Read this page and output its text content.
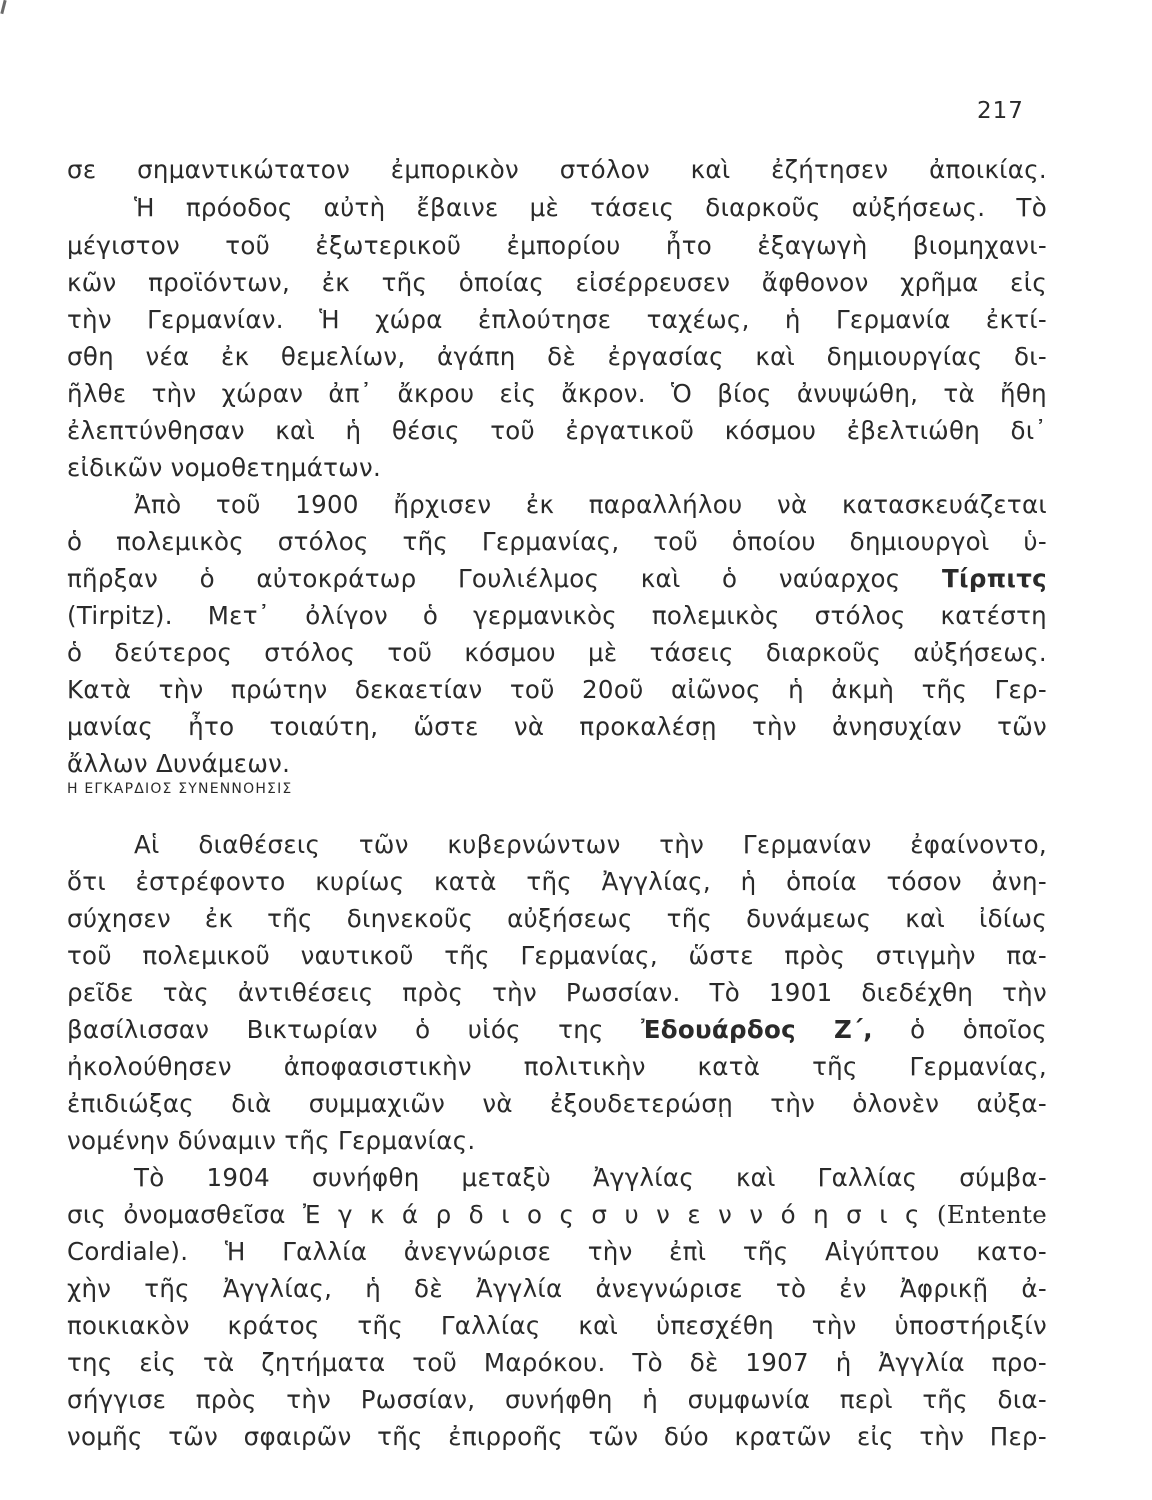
217
σε σημαντικώτατον ἐμπορικὸν στόλον καὶ ἐζήτησεν ἀποικίας.
Ἡ πρόοδος αὐτὴ ἔβαινε μὲ τάσεις διαρκοῦς αὐξήσεως. Τὸ
μέγιστον τοῦ ἐξωτερικοῦ ἐμπορίου ἦτο ἐξαγωγὴ βιομηχανι-
κῶν προϊόντων, ἐκ τῆς ὁποίας εἰσέρρευσεν ἄφθονον χρῆμα εἰς
τὴν Γερμανίαν. Ἡ χώρα ἐπλούτησε ταχέως, ἡ Γερμανία ἐκτί-
σθη νέα ἐκ θεμελίων, ἀγάπη δὲ ἐργασίας καὶ δημιουργίας δι-
ῆλθε τὴν χώραν ἀπ᾿ ἄκρου εἰς ἄκρον. Ὁ βίος ἀνυψώθη, τὰ ἤθη
ἐλεπτύνθησαν καὶ ἡ θέσις τοῦ ἐργατικοῦ κόσμου ἐβελτιώθη δι᾿
εἰδικῶν νομοθετημάτων.
Ἀπὸ τοῦ 1900 ἤρχισεν ἐκ παραλλήλου νὰ κατασκευάζεται
ὁ πολεμικὸς στόλος τῆς Γερμανίας, τοῦ ὁποίου δημιουργοὶ ὑ-
πῆρξαν ὁ αὐτοκράτωρ Γουλιέλμος καὶ ὁ ναύαρχος Τίρπιτς
(Tirpitz). Μετ᾿ ὀλίγον ὁ γερμανικὸς πολεμικὸς στόλος κατέστη
ὁ δεύτερος στόλος τοῦ κόσμου μὲ τάσεις διαρκοῦς αὐξήσεως.
Κατὰ τὴν πρώτην δεκαετίαν τοῦ 20οῦ αἰῶνος ἡ ἀκμὴ τῆς Γερ-
μανίας ἦτο τοιαύτη, ὥστε νὰ προκαλέσῃ τὴν ἀνησυχίαν τῶν
ἄλλων Δυνάμεων.
Η ΕΓΚΑΡΔΙΟΣ ΣΥΝΕΝΝΟΗΣΙΣ
Αἱ διαθέσεις τῶν κυβερνώντων τὴν Γερμανίαν ἐφαίνοντο,
ὅτι ἐστρέφοντο κυρίως κατὰ τῆς Ἀγγλίας, ἡ ὁποία τόσον ἀνη-
σύχησεν ἐκ τῆς διηνεκοῦς αὐξήσεως τῆς δυνάμεως καὶ ἰδίως
τοῦ πολεμικοῦ ναυτικοῦ τῆς Γερμανίας, ὥστε πρὸς στιγμὴν πα-
ρεῖδε τὰς ἀντιθέσεις πρὸς τὴν Ρωσσίαν. Τὸ 1901 διεδέχθη τὴν
βασίλισσαν Βικτωρίαν ὁ υἱός της Ἐδουάρδος Ζ΄, ὁ ὁποῖος
ἠκολούθησεν ἀποφασιστικὴν πολιτικὴν κατὰ τῆς Γερμανίας,
ἐπιδιώξας διὰ συμμαχιῶν νὰ ἐξουδετερώσῃ τὴν ὁλονὲν αὐξα-
νομένην δύναμιν τῆς Γερμανίας.
Τὸ 1904 συνήφθη μεταξὺ Ἀγγλίας καὶ Γαλλίας σύμβα-
σις ὀνομασθεῖσα Ἐ γ κ ά ρ δ ι ο ς σ υ ν ε ν ν ό η σ ι ς (Entente
Cordiale). Ἡ Γαλλία ἀνεγνώρισε τὴν ἐπὶ τῆς Αἰγύπτου κατο-
χὴν τῆς Ἀγγλίας, ἡ δὲ Ἀγγλία ἀνεγνώρισε τὸ ἐν Ἀφρικῇ ἀ-
ποικιακὸν κράτος τῆς Γαλλίας καὶ ὑπεσχέθη τὴν ὑποστήριξίν
της εἰς τὰ ζητήματα τοῦ Μαρόκου. Τὸ δὲ 1907 ἡ Ἀγγλία προ-
σήγγισε πρὸς τὴν Ρωσσίαν, συνήφθη ἡ συμφωνία περὶ τῆς δια-
νομῆς τῶν σφαιρῶν τῆς ἐπιρροῆς τῶν δύο κρατῶν εἰς τὴν Περ-
